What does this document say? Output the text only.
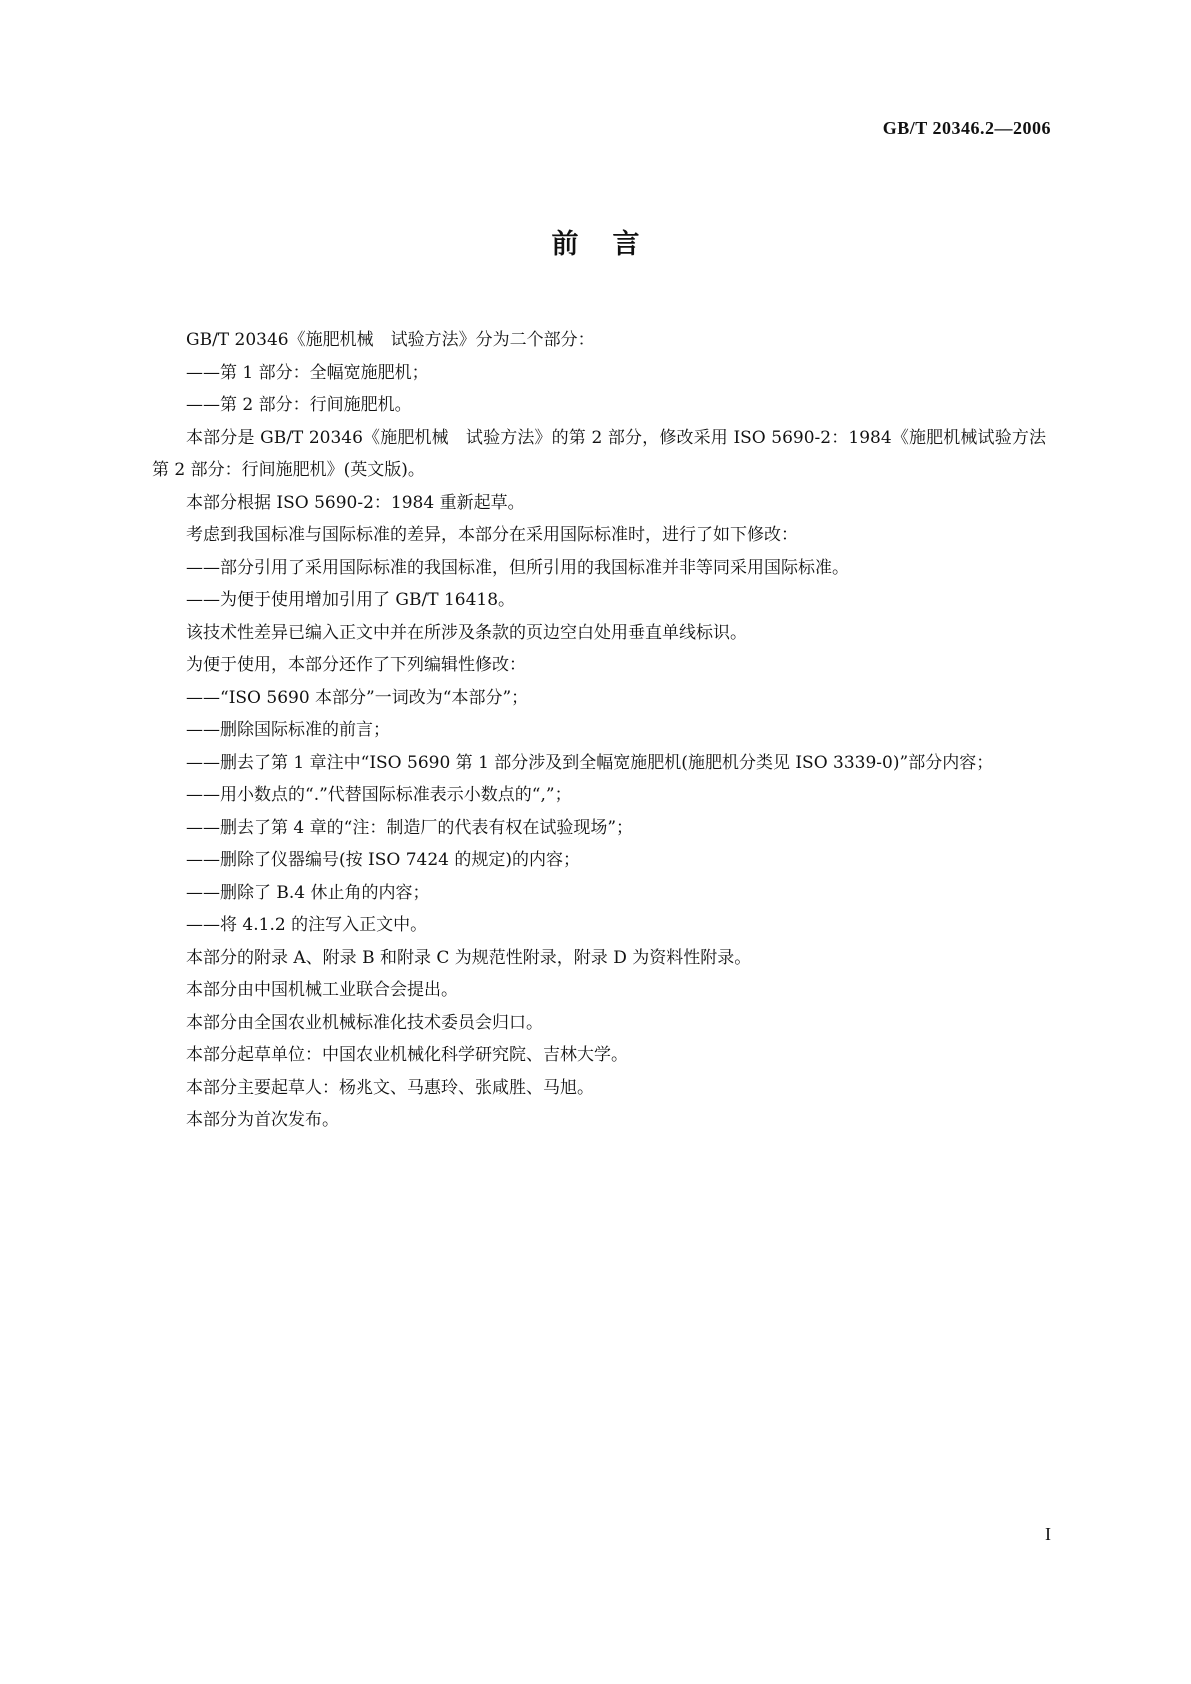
GB/T 20346.2—2006
前言

GB/T 20346《施肥机械　试验方法》分为二个部分：

——第 1 部分：全幅宽施肥机；

——第 2 部分：行间施肥机。

本部分是 GB/T 20346《施肥机械　试验方法》的第 2 部分，修改采用 ISO 5690-2：1984《施肥机械试验方法　第 2 部分：行间施肥机》(英文版)。

本部分根据 ISO 5690-2：1984 重新起草。

考虑到我国标准与国际标准的差异，本部分在采用国际标准时，进行了如下修改：

——部分引用了采用国际标准的我国标准，但所引用的我国标准并非等同采用国际标准。

——为便于使用增加引用了 GB/T 16418。

该技术性差异已编入正文中并在所涉及条款的页边空白处用垂直单线标识。

为便于使用，本部分还作了下列编辑性修改：

——“ISO 5690 本部分”一词改为“本部分”；

——删除国际标准的前言；

——删去了第 1 章注中“ISO 5690 第 1 部分涉及到全幅宽施肥机(施肥机分类见 ISO 3339-0)”部分内容；

——用小数点的“.”代替国际标准表示小数点的“,”；

——删去了第 4 章的“注：制造厂的代表有权在试验现场”；

——删除了仪器编号(按 ISO 7424 的规定)的内容；

——删除了 B.4 休止角的内容；

——将 4.1.2 的注写入正文中。

本部分的附录 A、附录 B 和附录 C 为规范性附录，附录 D 为资料性附录。

本部分由中国机械工业联合会提出。

本部分由全国农业机械标准化技术委员会归口。

本部分起草单位：中国农业机械化科学研究院、吉林大学。

本部分主要起草人：杨兆文、马惠玲、张咸胜、马旭。

本部分为首次发布。

I
